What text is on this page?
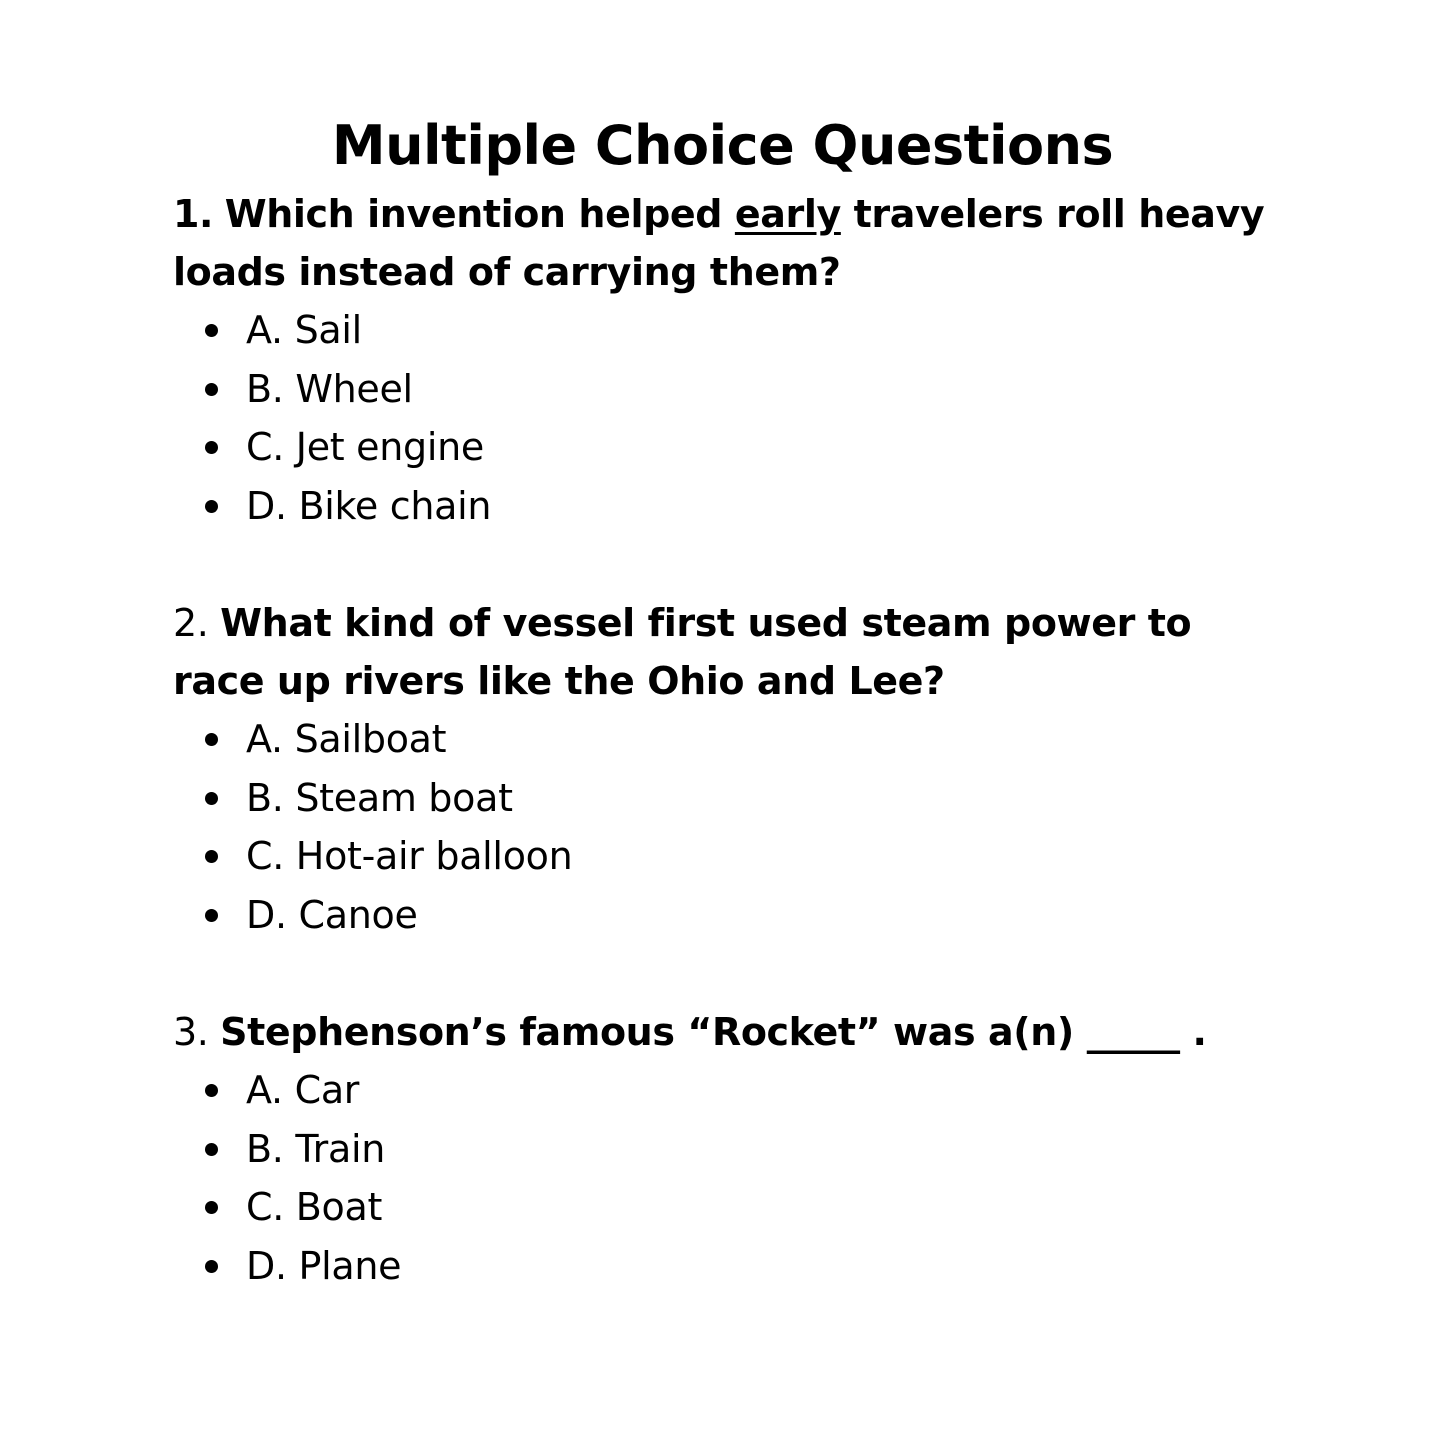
Multiple Choice Questions

1. Which invention helped early travelers roll heavy loads instead of carrying them?

A. Sail
B. Wheel
C. Jet engine
D. Bike chain

2. What kind of vessel first used steam power to race up rivers like the Ohio and Lee?

A. Sailboat
B. Steam boat
C. Hot-air balloon
D. Canoe

3. Stephenson’s famous “Rocket” was a(n) _____ .

A. Car
B. Train
C. Boat
D. Plane
